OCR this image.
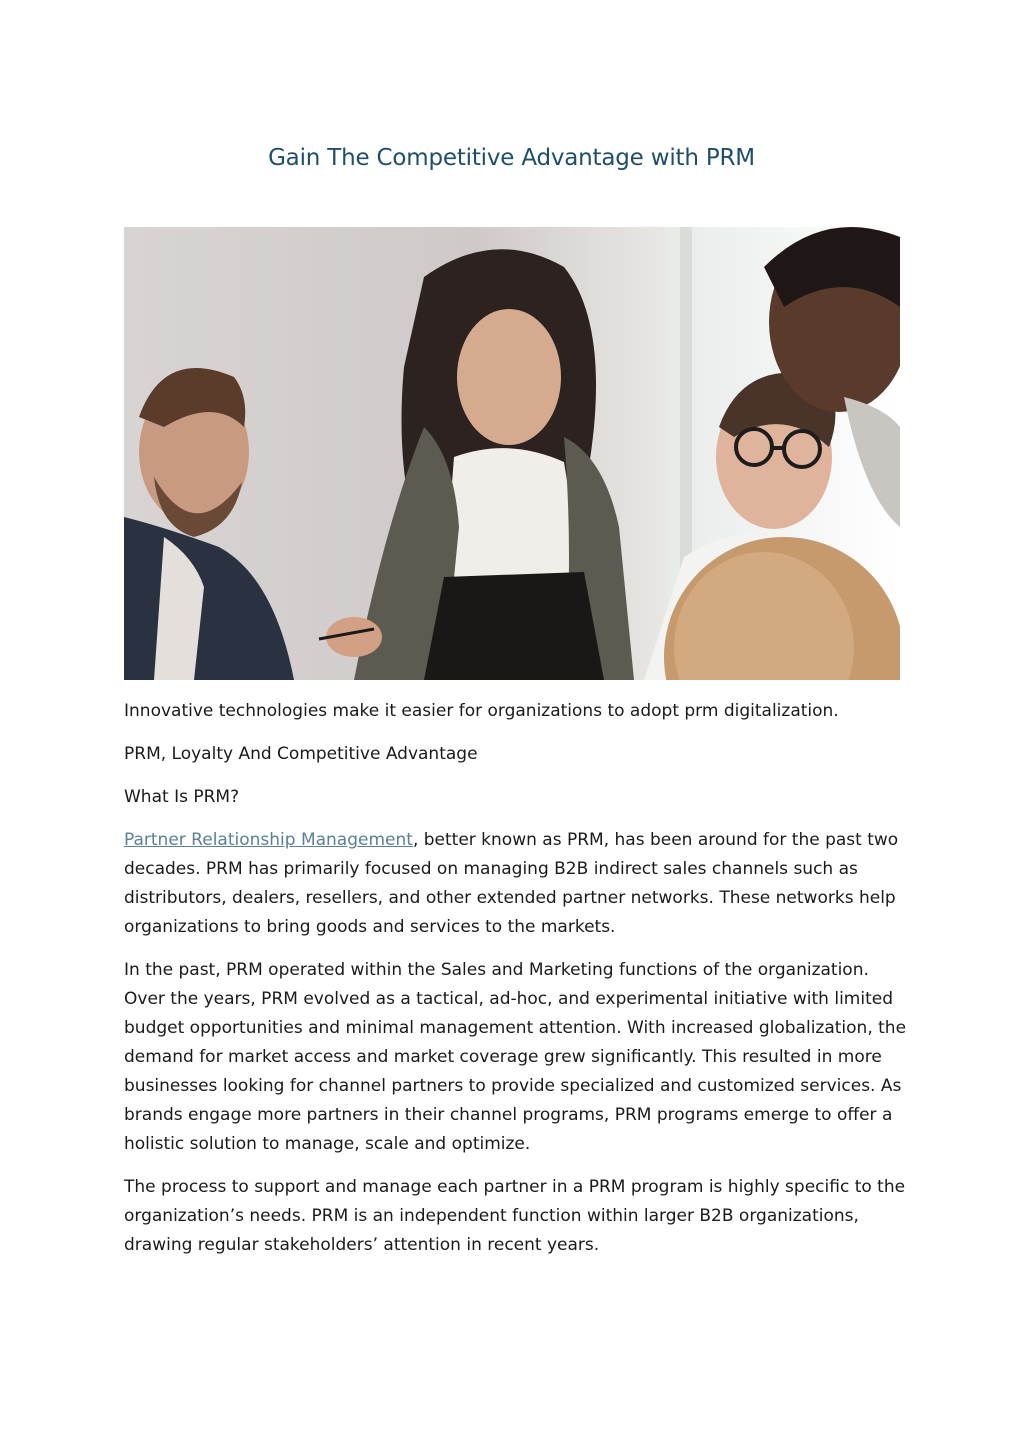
Gain The Competitive Advantage with PRM

Innovative technologies make it easier for organizations to adopt prm digitalization.

PRM, Loyalty And Competitive Advantage

What Is PRM?

Partner Relationship Management, better known as PRM, has been around for the past two decades. PRM has primarily focused on managing B2B indirect sales channels such as distributors, dealers, resellers, and other extended partner networks. These networks help organizations to bring goods and services to the markets.

In the past, PRM operated within the Sales and Marketing functions of the organization. Over the years, PRM evolved as a tactical, ad-hoc, and experimental initiative with limited budget opportunities and minimal management attention. With increased globalization, the demand for market access and market coverage grew significantly. This resulted in more businesses looking for channel partners to provide specialized and customized services. As brands engage more partners in their channel programs, PRM programs emerge to offer a holistic solution to manage, scale and optimize.

The process to support and manage each partner in a PRM program is highly specific to the organization’s needs. PRM is an independent function within larger B2B organizations, drawing regular stakeholders’ attention in recent years.
